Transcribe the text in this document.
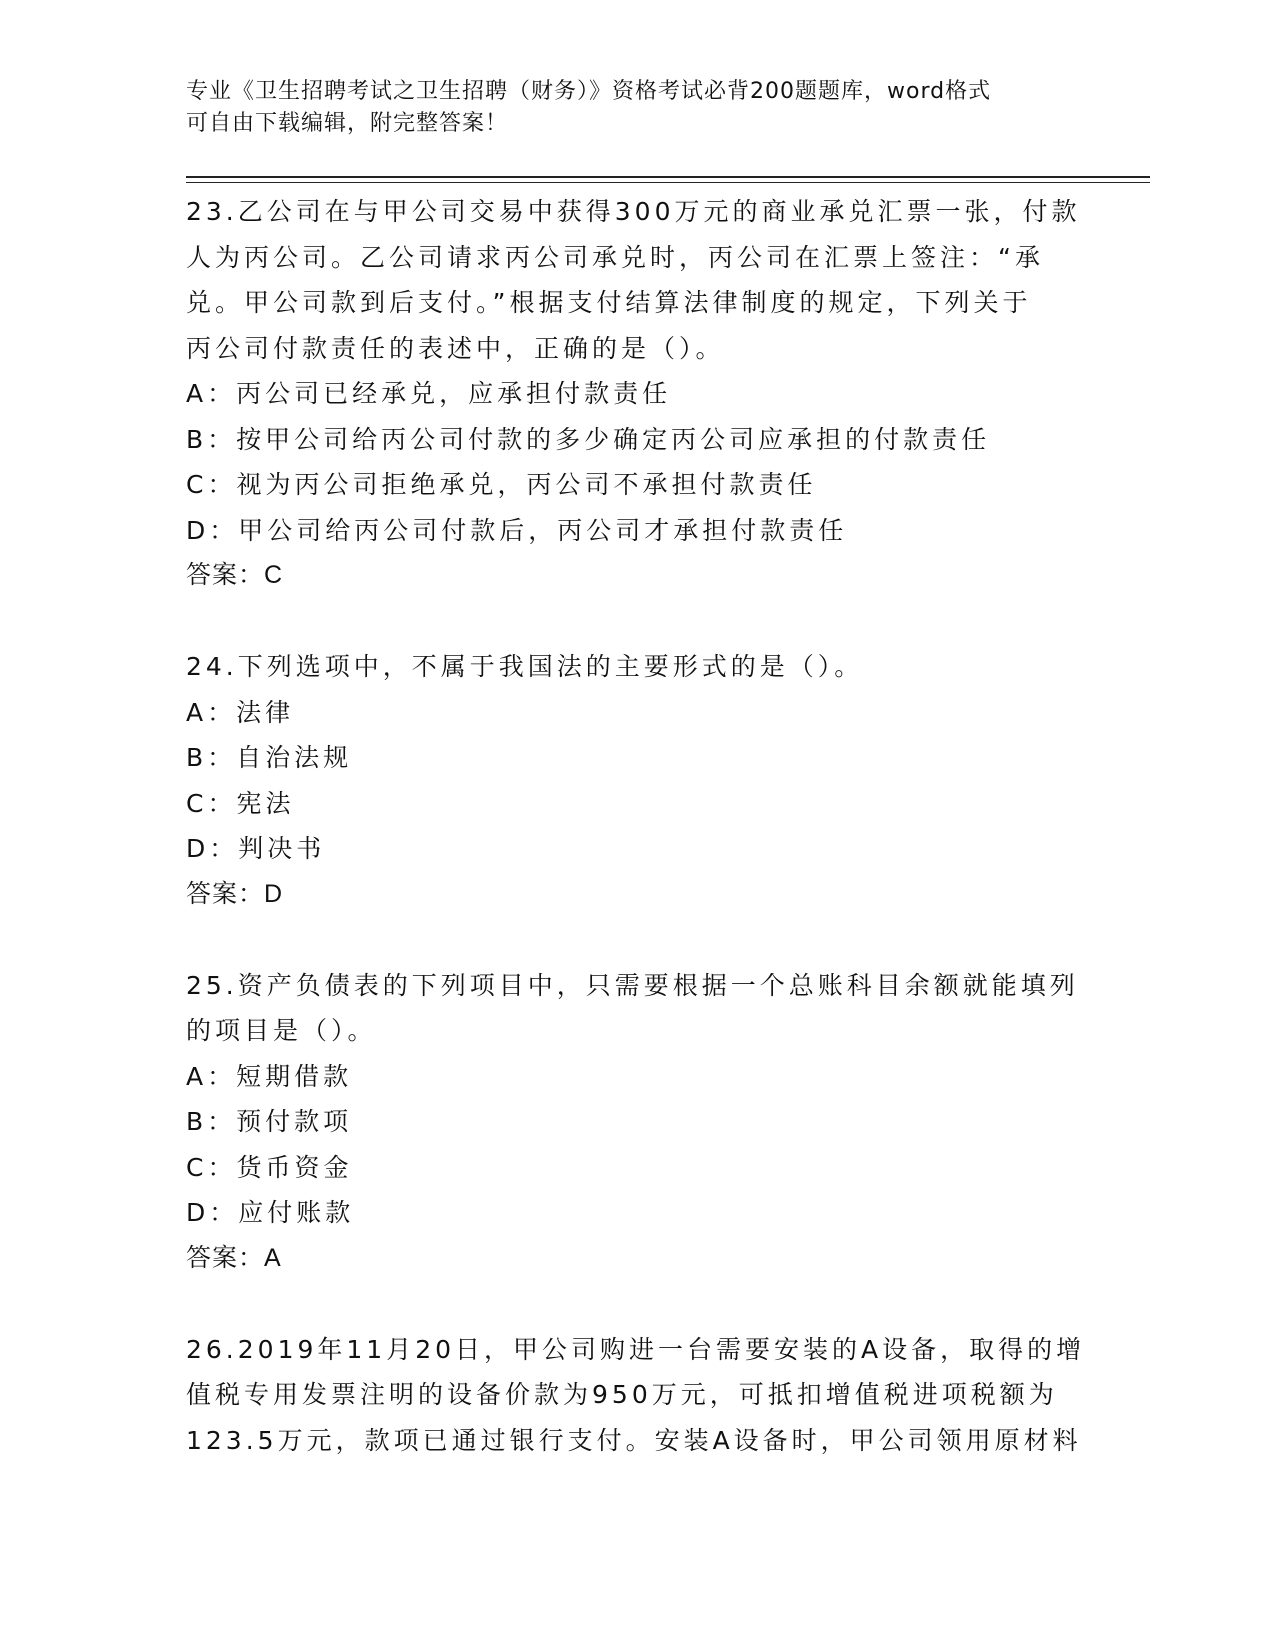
专业《卫生招聘考试之卫生招聘（财务）》资格考试必背200题题库，word格式

可自由下载编辑，附完整答案！

23.乙公司在与甲公司交易中获得300万元的商业承兑汇票一张，付款

人为丙公司。乙公司请求丙公司承兑时，丙公司在汇票上签注：“承

兑。甲公司款到后支付。”根据支付结算法律制度的规定，下列关于

丙公司付款责任的表述中，正确的是（）。

A：丙公司已经承兑，应承担付款责任

B：按甲公司给丙公司付款的多少确定丙公司应承担的付款责任

C：视为丙公司拒绝承兑，丙公司不承担付款责任

D：甲公司给丙公司付款后，丙公司才承担付款责任

答案：C

24.下列选项中，不属于我国法的主要形式的是（）。

A：法律

B：自治法规

C：宪法

D：判决书

答案：D

25.资产负债表的下列项目中，只需要根据一个总账科目余额就能填列

的项目是（）。

A：短期借款

B：预付款项

C：货币资金

D：应付账款

答案：A

26.2019年11月20日，甲公司购进一台需要安装的A设备，取得的增

值税专用发票注明的设备价款为950万元，可抵扣增值税进项税额为

123.5万元，款项已通过银行支付。安装A设备时，甲公司领用原材料
